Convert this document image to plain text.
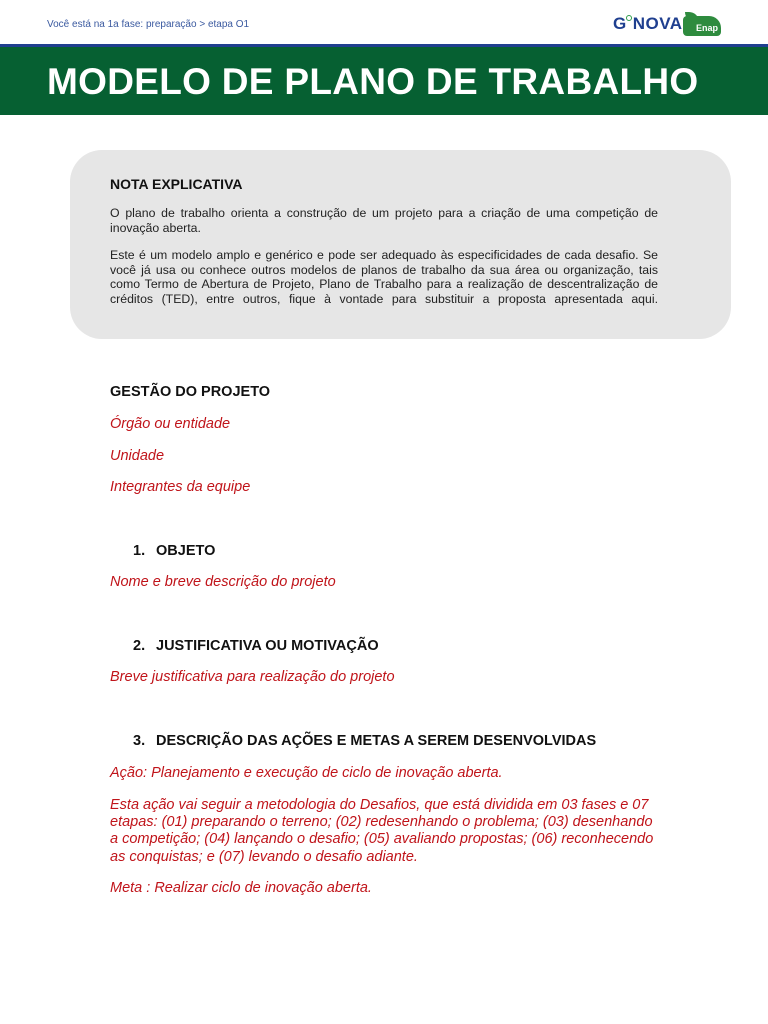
Você está na 1a fase: preparação > etapa O1	G NOVA Enap
MODELO DE PLANO DE TRABALHO
NOTA EXPLICATIVA

O plano de trabalho orienta a construção de um projeto para a criação de uma competição de inovação aberta.

Este é um modelo amplo e genérico e pode ser adequado às especificidades de cada desafio. Se você já usa ou conhece outros modelos de planos de trabalho da sua área ou organização, tais como Termo de Abertura de Projeto, Plano de Trabalho para a realização de descentralização de créditos (TED), entre outros, fique à vontade para substituir a proposta apresentada aqui.

GESTÃO DO PROJETO
Órgão ou entidade
Unidade
Integrantes da equipe
1. OBJETO
Nome e breve descrição do projeto
2. JUSTIFICATIVA OU MOTIVAÇÃO
Breve justificativa para realização do projeto
3. DESCRIÇÃO DAS AÇÕES E METAS A SEREM DESENVOLVIDAS
Ação: Planejamento e execução de ciclo de inovação aberta.
Esta ação vai seguir a metodologia do Desafios, que está dividida em 03 fases e 07 etapas: (01) preparando o terreno; (02) redesenhando o problema; (03) desenhando a competição; (04) lançando o desafio; (05) avaliando propostas; (06) reconhecendo as conquistas; e (07) levando o desafio adiante.
Meta : Realizar ciclo de inovação aberta.
